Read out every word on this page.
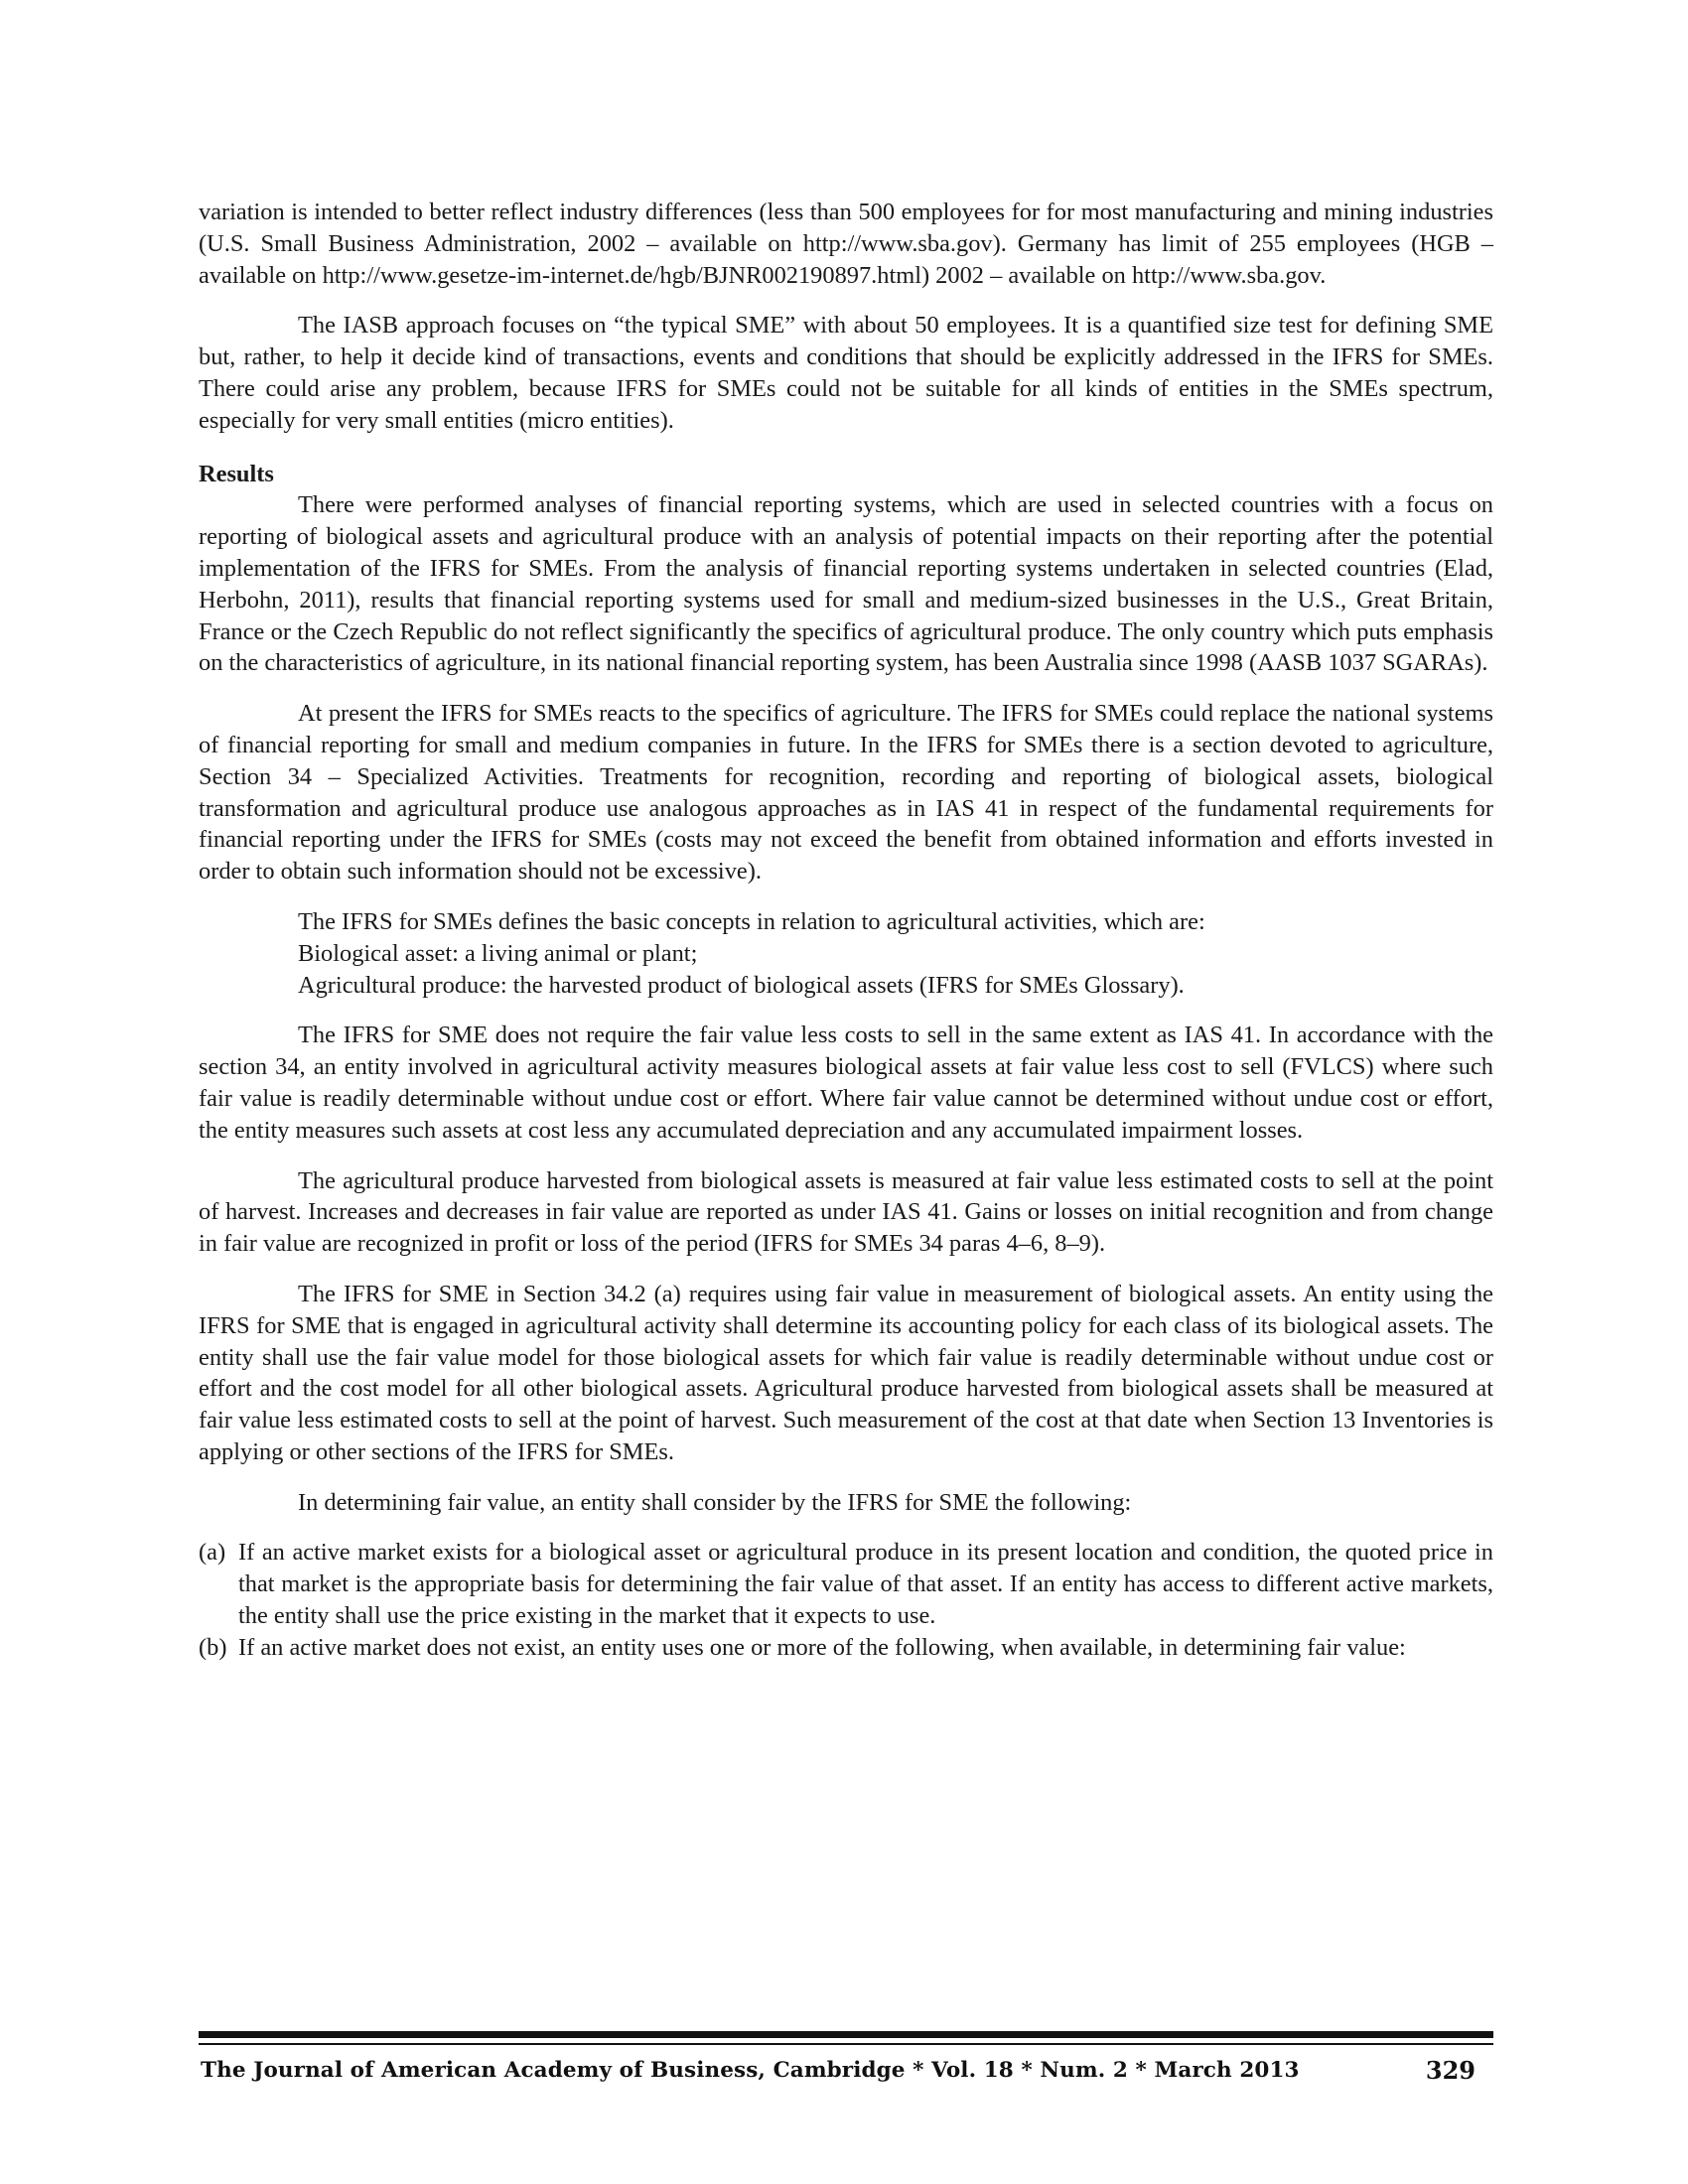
variation is intended to better reflect industry differences (less than 500 employees for for most manufacturing and mining industries (U.S. Small Business Administration, 2002 – available on http://www.sba.gov). Germany has limit of 255 employees (HGB – available on http://www.gesetze-im-internet.de/hgb/BJNR002190897.html) 2002 – available on http://www.sba.gov.

The IASB approach focuses on “the typical SME” with about 50 employees. It is a quantified size test for defining SME but, rather, to help it decide kind of transactions, events and conditions that should be explicitly addressed in the IFRS for SMEs. There could arise any problem, because IFRS for SMEs could not be suitable for all kinds of entities in the SMEs spectrum, especially for very small entities (micro entities).

Results

There were performed analyses of financial reporting systems, which are used in selected countries with a focus on reporting of biological assets and agricultural produce with an analysis of potential impacts on their reporting after the potential implementation of the IFRS for SMEs. From the analysis of financial reporting systems undertaken in selected countries (Elad, Herbohn, 2011), results that financial reporting systems used for small and medium-sized businesses in the U.S., Great Britain, France or the Czech Republic do not reflect significantly the specifics of agricultural produce. The only country which puts emphasis on the characteristics of agriculture, in its national financial reporting system, has been Australia since 1998 (AASB 1037 SGARAs).

At present the IFRS for SMEs reacts to the specifics of agriculture. The IFRS for SMEs could replace the national systems of financial reporting for small and medium companies in future. In the IFRS for SMEs there is a section devoted to agriculture, Section 34 – Specialized Activities. Treatments for recognition, recording and reporting of biological assets, biological transformation and agricultural produce use analogous approaches as in IAS 41 in respect of the fundamental requirements for financial reporting under the IFRS for SMEs (costs may not exceed the benefit from obtained information and efforts invested in order to obtain such information should not be excessive).

The IFRS for SMEs defines the basic concepts in relation to agricultural activities, which are:

Biological asset: a living animal or plant;

Agricultural produce: the harvested product of biological assets (IFRS for SMEs Glossary).

The IFRS for SME does not require the fair value less costs to sell in the same extent as IAS 41. In accordance with the section 34, an entity involved in agricultural activity measures biological assets at fair value less cost to sell (FVLCS) where such fair value is readily determinable without undue cost or effort. Where fair value cannot be determined without undue cost or effort, the entity measures such assets at cost less any accumulated depreciation and any accumulated impairment losses.

The agricultural produce harvested from biological assets is measured at fair value less estimated costs to sell at the point of harvest. Increases and decreases in fair value are reported as under IAS 41. Gains or losses on initial recognition and from change in fair value are recognized in profit or loss of the period (IFRS for SMEs 34 paras 4–6, 8–9).

The IFRS for SME in Section 34.2 (a) requires using fair value in measurement of biological assets. An entity using the IFRS for SME that is engaged in agricultural activity shall determine its accounting policy for each class of its biological assets. The entity shall use the fair value model for those biological assets for which fair value is readily determinable without undue cost or effort and the cost model for all other biological assets. Agricultural produce harvested from biological assets shall be measured at fair value less estimated costs to sell at the point of harvest. Such measurement of the cost at that date when Section 13 Inventories is applying or other sections of the IFRS for SMEs.

In determining fair value, an entity shall consider by the IFRS for SME the following:

(a) If an active market exists for a biological asset or agricultural produce in its present location and condition, the quoted price in that market is the appropriate basis for determining the fair value of that asset. If an entity has access to different active markets, the entity shall use the price existing in the market that it expects to use.

(b) If an active market does not exist, an entity uses one or more of the following, when available, in determining fair value:

The Journal of American Academy of Business, Cambridge * Vol. 18 * Num. 2 * March 2013	329
